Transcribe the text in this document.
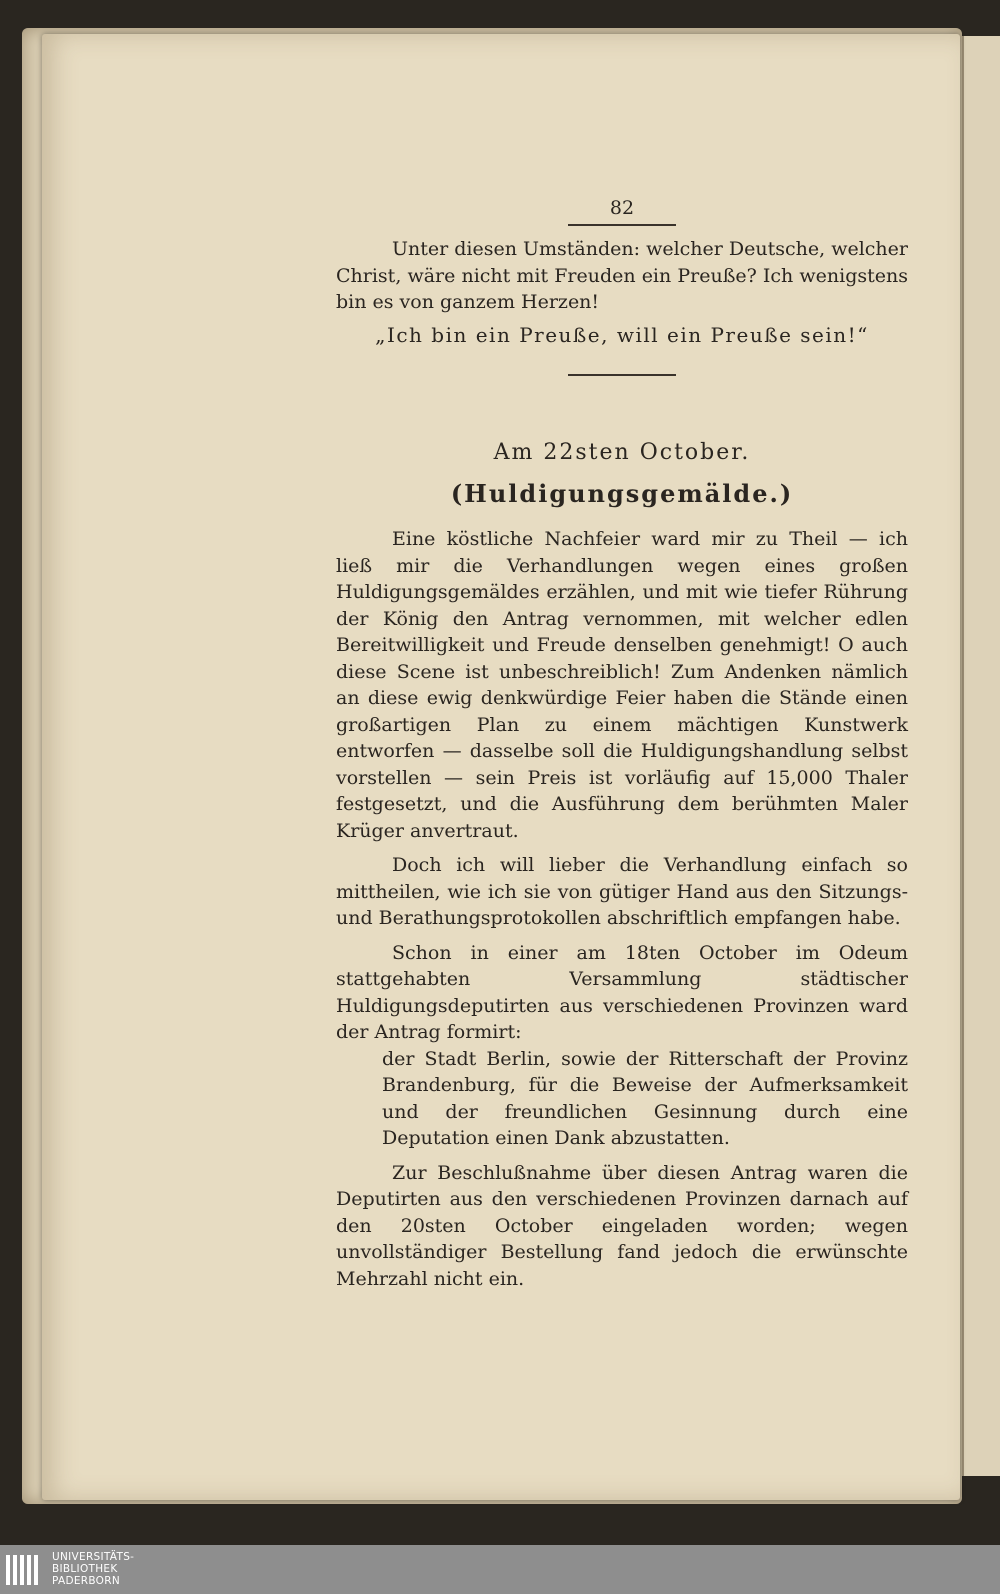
82

Unter diesen Umständen: welcher Deutsche, welcher Christ, wäre nicht mit Freuden ein Preuße? Ich wenigstens bin es von ganzem Herzen!

„Ich bin ein Preuße, will ein Preuße sein!“

Am 22sten October.
(Huldigungsgemälde.)

Eine köstliche Nachfeier ward mir zu Theil — ich ließ mir die Verhandlungen wegen eines großen Huldigungsgemäldes erzählen, und mit wie tiefer Rührung der König den Antrag vernommen, mit welcher edlen Bereitwilligkeit und Freude denselben genehmigt! O auch diese Scene ist unbeschreiblich! Zum Andenken nämlich an diese ewig denkwürdige Feier haben die Stände einen großartigen Plan zu einem mächtigen Kunstwerk entworfen — dasselbe soll die Huldigungshandlung selbst vorstellen — sein Preis ist vorläufig auf 15,000 Thaler festgesetzt, und die Ausführung dem berühmten Maler Krüger anvertraut.

Doch ich will lieber die Verhandlung einfach so mittheilen, wie ich sie von gütiger Hand aus den Sitzungs- und Berathungsprotokollen abschriftlich empfangen habe.

Schon in einer am 18ten October im Odeum stattgehabten Versammlung städtischer Huldigungsdeputirten aus verschiedenen Provinzen ward der Antrag formirt:

der Stadt Berlin, sowie der Ritterschaft der Provinz Brandenburg, für die Beweise der Aufmerksamkeit und der freundlichen Gesinnung durch eine Deputation einen Dank abzustatten.

Zur Beschlußnahme über diesen Antrag waren die Deputirten aus den verschiedenen Provinzen darnach auf den 20sten October eingeladen worden; wegen unvollständiger Bestellung fand jedoch die erwünschte Mehrzahl nicht ein.

UNIVERSITÄTS-
BIBLIOTHEK
PADERBORN
